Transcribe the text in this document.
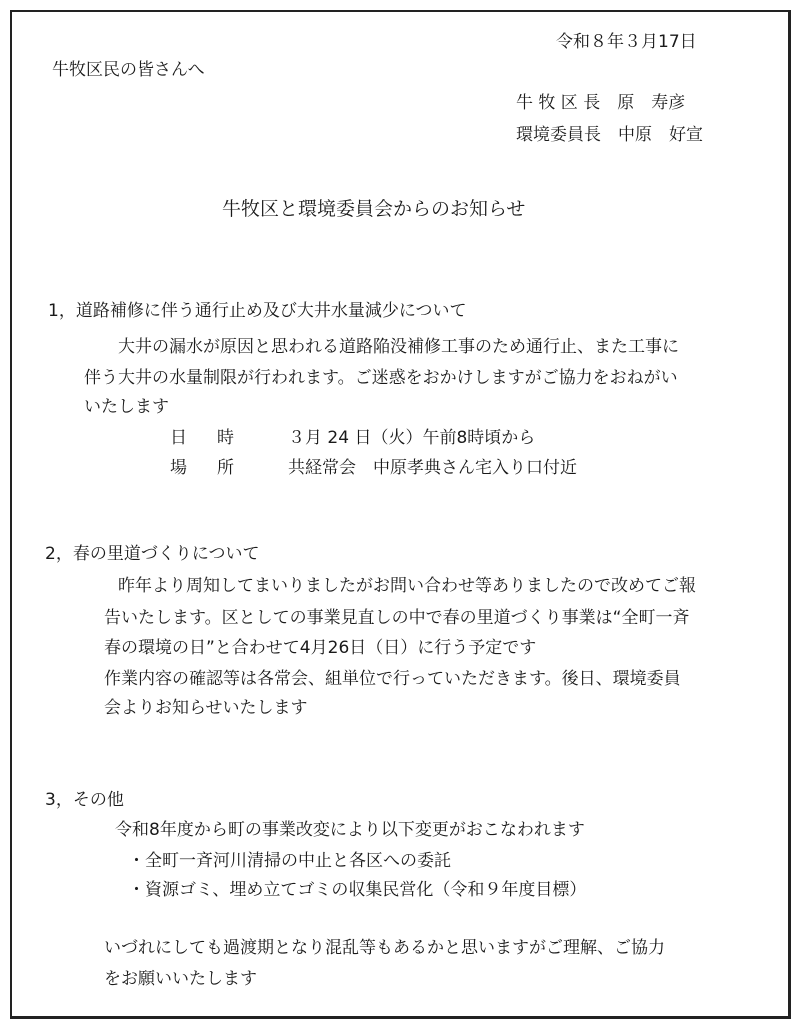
令和８年３月17日
牛牧区民の皆さんへ
牛 牧 区 長　原　寿彦
環境委員長　中原　好宣
牛牧区と環境委員会からのお知らせ
1，道路補修に伴う通行止め及び大井水量減少について
大井の漏水が原因と思われる道路陥没補修工事のため通行止、また工事に
伴う大井の水量制限が行われます。ご迷惑をおかけしますがご協力をおねがい
いたします
日時 ３月 24 日（火）午前8時頃から
場所 共経常会　中原孝典さん宅入り口付近
2，春の里道づくりについて
昨年より周知してまいりましたがお問い合わせ等ありましたので改めてご報
告いたします。区としての事業見直しの中で春の里道づくり事業は“全町一斉
春の環境の日”と合わせて4月26日（日）に行う予定です
作業内容の確認等は各常会、組単位で行っていただきます。後日、環境委員
会よりお知らせいたします
3，その他
令和8年度から町の事業改変により以下変更がおこなわれます
・全町一斉河川清掃の中止と各区への委託
・資源ゴミ、埋め立てゴミの収集民営化（令和９年度目標）
いづれにしても過渡期となり混乱等もあるかと思いますがご理解、ご協力
をお願いいたします
